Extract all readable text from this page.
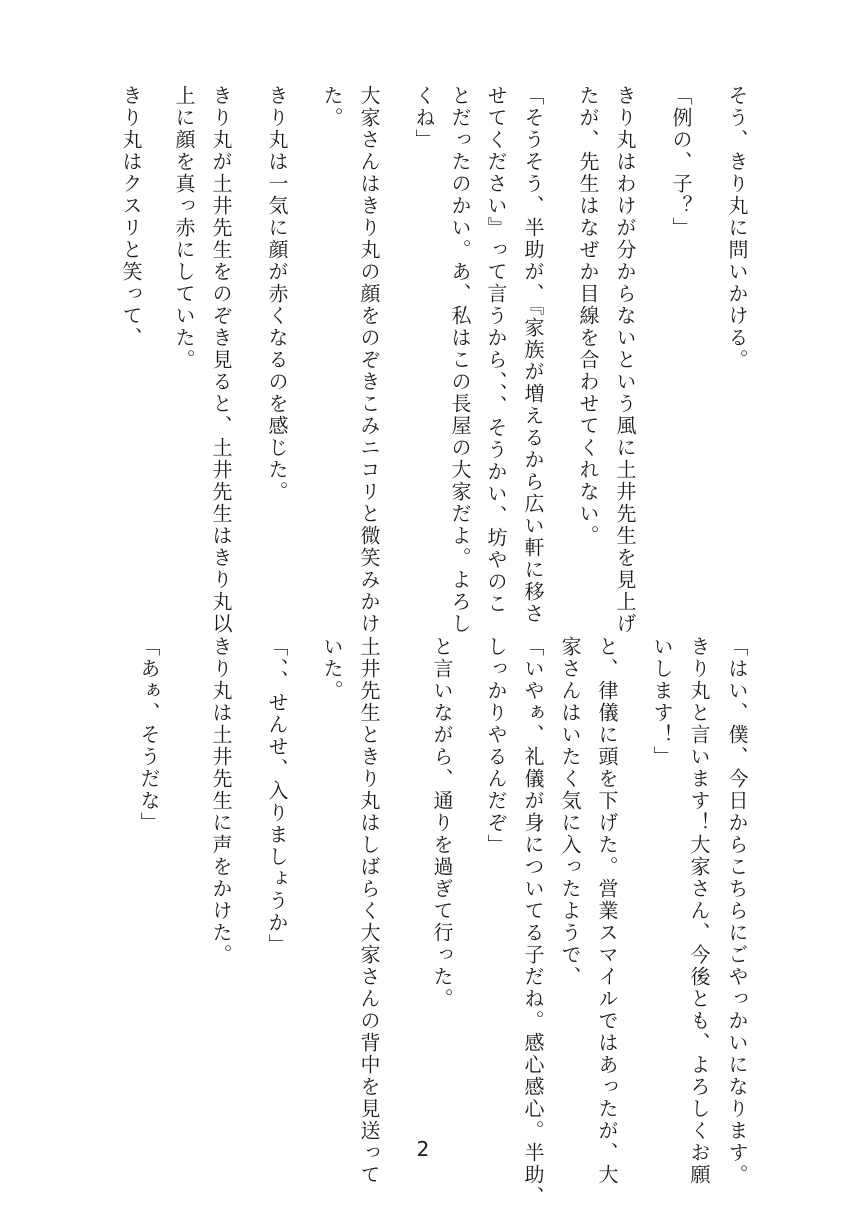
そう、きり丸に問いかける。

「例の、子？」

きり丸はわけが分からないという風に土井先生を見上げ

たが、先生はなぜか目線を合わせてくれない。

「そうそう、半助が、『家族が増えるから広い軒に移さ

せてください』って言うから、、、そうかい、坊やのこ

とだったのかい。あ、私はこの長屋の大家だよ。よろし

くね」

大家さんはきり丸の顔をのぞきこみニコリと微笑みかけ

た。

きり丸は一気に顔が赤くなるのを感じた。

きり丸が土井先生をのぞき見ると、土井先生はきり丸以

上に顔を真っ赤にしていた。

きり丸はクスリと笑って、

「はい、僕、今日からこちらにごやっかいになります。

きり丸と言います！大家さん、今後とも、よろしくお願

いします！」

と、律儀に頭を下げた。営業スマイルではあったが、大

家さんはいたく気に入ったようで、

「いやぁ、礼儀が身についてる子だね。感心感心。半助、

しっかりやるんだぞ」

と言いながら、通りを過ぎて行った。

土井先生ときり丸はしばらく大家さんの背中を見送って

いた。

「、、せんせ、入りましょうか」

きり丸は土井先生に声をかけた。

「あぁ、そうだな」

2
